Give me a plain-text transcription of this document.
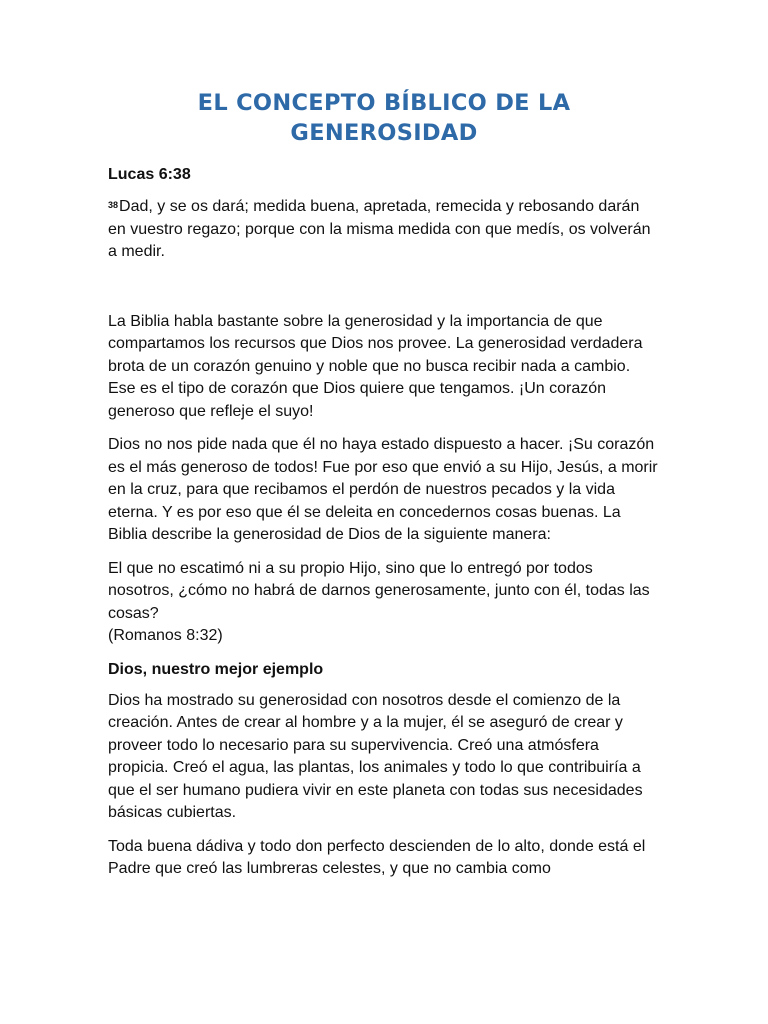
EL CONCEPTO BÍBLICO DE LA
GENEROSIDAD
Lucas 6:38

$^{38}$Dad, y se os dará; medida buena, apretada, remecida y rebosando darán en vuestro regazo; porque con la misma medida con que medís, os volverán a medir.

La Biblia habla bastante sobre la generosidad y la importancia de que compartamos los recursos que Dios nos provee. La generosidad verdadera brota de un corazón genuino y noble que no busca recibir nada a cambio. Ese es el tipo de corazón que Dios quiere que tengamos. ¡Un corazón generoso que refleje el suyo!

Dios no nos pide nada que él no haya estado dispuesto a hacer. ¡Su corazón es el más generoso de todos! Fue por eso que envió a su Hijo, Jesús, a morir en la cruz, para que recibamos el perdón de nuestros pecados y la vida eterna. Y es por eso que él se deleita en concedernos cosas buenas. La Biblia describe la generosidad de Dios de la siguiente manera:

El que no escatimó ni a su propio Hijo, sino que lo entregó por todos nosotros, ¿cómo no habrá de darnos generosamente, junto con él, todas las cosas?
(Romanos 8:32)

Dios, nuestro mejor ejemplo

Dios ha mostrado su generosidad con nosotros desde el comienzo de la creación. Antes de crear al hombre y a la mujer, él se aseguró de crear y proveer todo lo necesario para su supervivencia. Creó una atmósfera propicia. Creó el agua, las plantas, los animales y todo lo que contribuiría a que el ser humano pudiera vivir en este planeta con todas sus necesidades básicas cubiertas.

Toda buena dádiva y todo don perfecto descienden de lo alto, donde está el Padre que creó las lumbreras celestes, y que no cambia como
